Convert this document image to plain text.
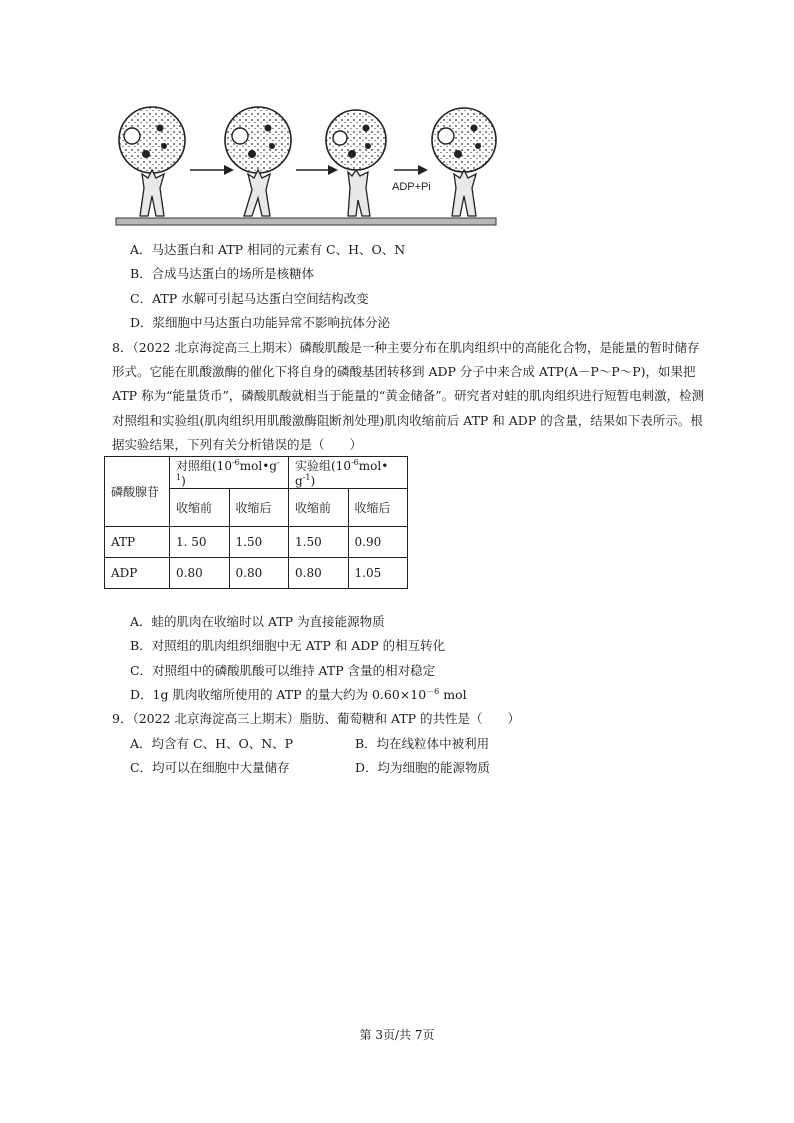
ADP+Pi
A．马达蛋白和 ATP 相同的元素有 C、H、O、N
B．合成马达蛋白的场所是核糖体
C．ATP 水解可引起马达蛋白空间结构改变
D．浆细胞中马达蛋白功能异常不影响抗体分泌
8．（2022 北京海淀高三上期末）磷酸肌酸是一种主要分布在肌肉组织中的高能化合物，是能量的暂时储存
形式。它能在肌酸激酶的催化下将自身的磷酸基团转移到 ADP 分子中来合成 ATP(A－P～P～P)，如果把
ATP 称为“能量货币”，磷酸肌酸就相当于能量的“黄金储备”。研究者对蛙的肌肉组织进行短暂电刺激，检测
对照组和实验组(肌肉组织用肌酸激酶阻断剂处理)肌肉收缩前后 ATP 和 ADP 的含量，结果如下表所示。根
据实验结果，下列有关分析错误的是（　　）
磷酸腺苷	对照组$(10^{-6}mol•g^{-1})$		实验组($10^{-6}mol•$ $g^{-1}$)	
	收缩前	收缩后	收缩前	收缩后
ATP	1. 50	1.50	1.50	0.90
ADP	0.80	0.80	0.80	1.05
A．蛙的肌肉在收缩时以 ATP 为直接能源物质
B．对照组的肌肉组织细胞中无 ATP 和 ADP 的相互转化
C．对照组中的磷酸肌酸可以维持 ATP 含量的相对稳定
D．1g 肌肉收缩所使用的 ATP 的量大约为 $0.60\times 10^{-6}$ mol
9．（2022 北京海淀高三上期末）脂肪、葡萄糖和 ATP 的共性是（　　）
A．均含有 C、H、O、N、P	B．均在线粒体中被利用
C．均可以在细胞中大量储存	D．均为细胞的能源物质
第 3页/共 7页
